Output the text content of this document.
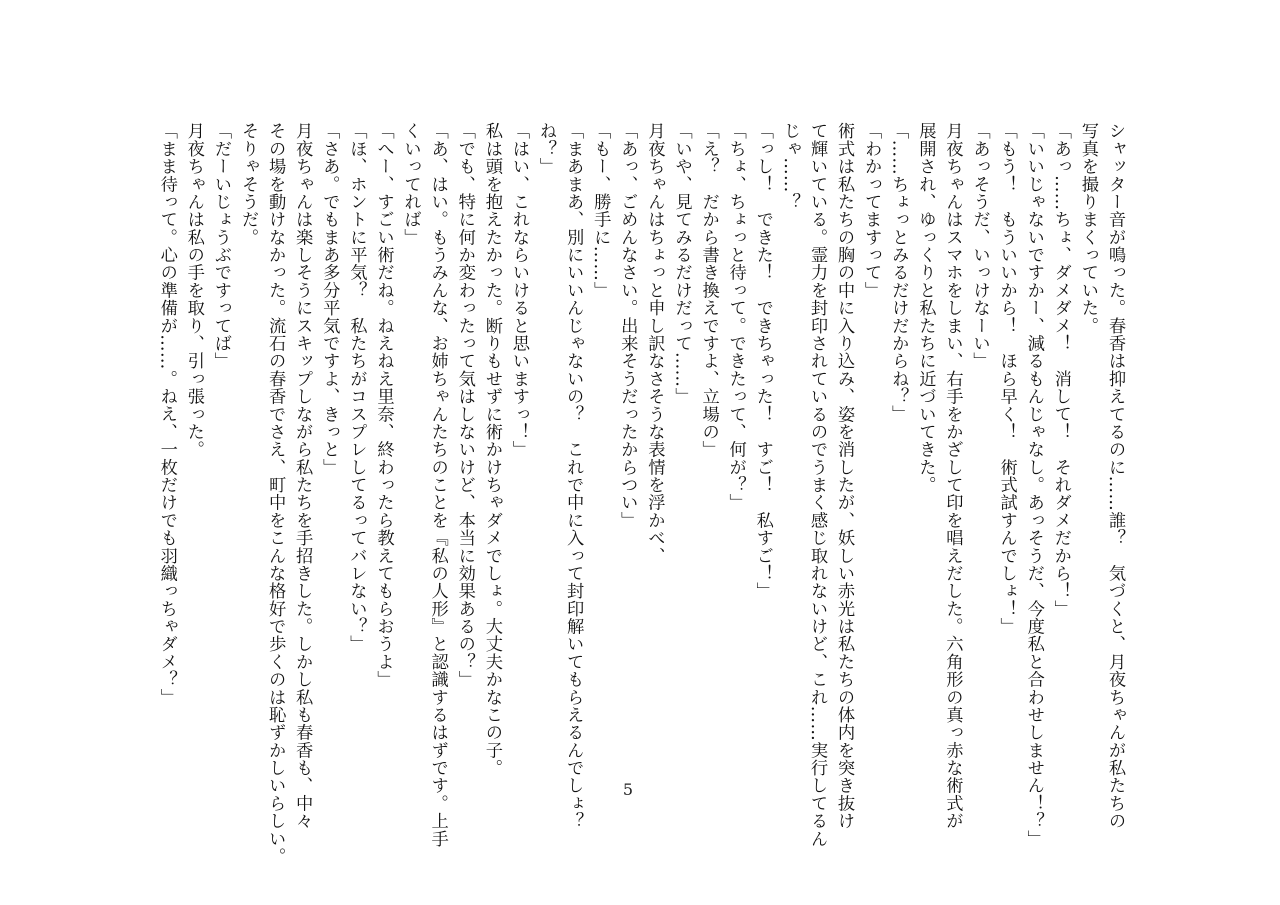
シャッター音が鳴った。春香は抑えてるのに……誰？　気づくと、月夜ちゃんが私たちの

写真を撮りまくっていた。

「あっ……ちょ、ダメダメ！　消して！　それダメだから！」

「いいじゃないですかー、減るもんじゃなし。あっそうだ、今度私と合わせしません！？」

「もう！　もういいから！　ほら早く！　術式試すんでしょ！」

「あっそうだ、いっけなーい」

月夜ちゃんはスマホをしまい、右手をかざして印を唱えだした。六角形の真っ赤な術式が

展開され、ゆっくりと私たちに近づいてきた。

「……ちょっとみるだけだからね？」

「わかってますって」

術式は私たちの胸の中に入り込み、姿を消したが、妖しい赤光は私たちの体内を突き抜け

て輝いている。霊力を封印されているのでうまく感じ取れないけど、これ……実行してるん

じゃ……？

「っし！　できた！　できちゃった！　すご！　私すご！」

「ちょ、ちょっと待って。できたって、何が？」

「え？　だから書き換えですよ、立場の」

「いや、見てみるだけだって……」

月夜ちゃんはちょっと申し訳なさそうな表情を浮かべ、

「あっ、ごめんなさい。出来そうだったからつい」

「もー、勝手に……」

「まあまあ、別にいいんじゃないの？　これで中に入って封印解いてもらえるんでしょ？

ね？」

「はい、これならいけると思いますっ！」

私は頭を抱えたかった。断りもせずに術かけちゃダメでしょ。大丈夫かなこの子。

「でも、特に何か変わったって気はしないけど、本当に効果あるの？」

「あ、はい。もうみんな、お姉ちゃんたちのことを『私の人形』と認識するはずです。上手

くいってれば」

「へー、すごい術だね。ねえねえ里奈、終わったら教えてもらおうよ」

「ほ、ホントに平気？　私たちがコスプレしてるってバレない？」

「さあ。でもまあ多分平気ですよ、きっと」

月夜ちゃんは楽しそうにスキップしながら私たちを手招きした。しかし私も春香も、中々

その場を動けなかった。流石の春香でさえ、町中をこんな格好で歩くのは恥ずかしいらしい。

そりゃそうだ。

「だーいじょうぶですってば」

月夜ちゃんは私の手を取り、引っ張った。

「まま待って。心の準備が……。ねえ、一枚だけでも羽織っちゃダメ？」

5
